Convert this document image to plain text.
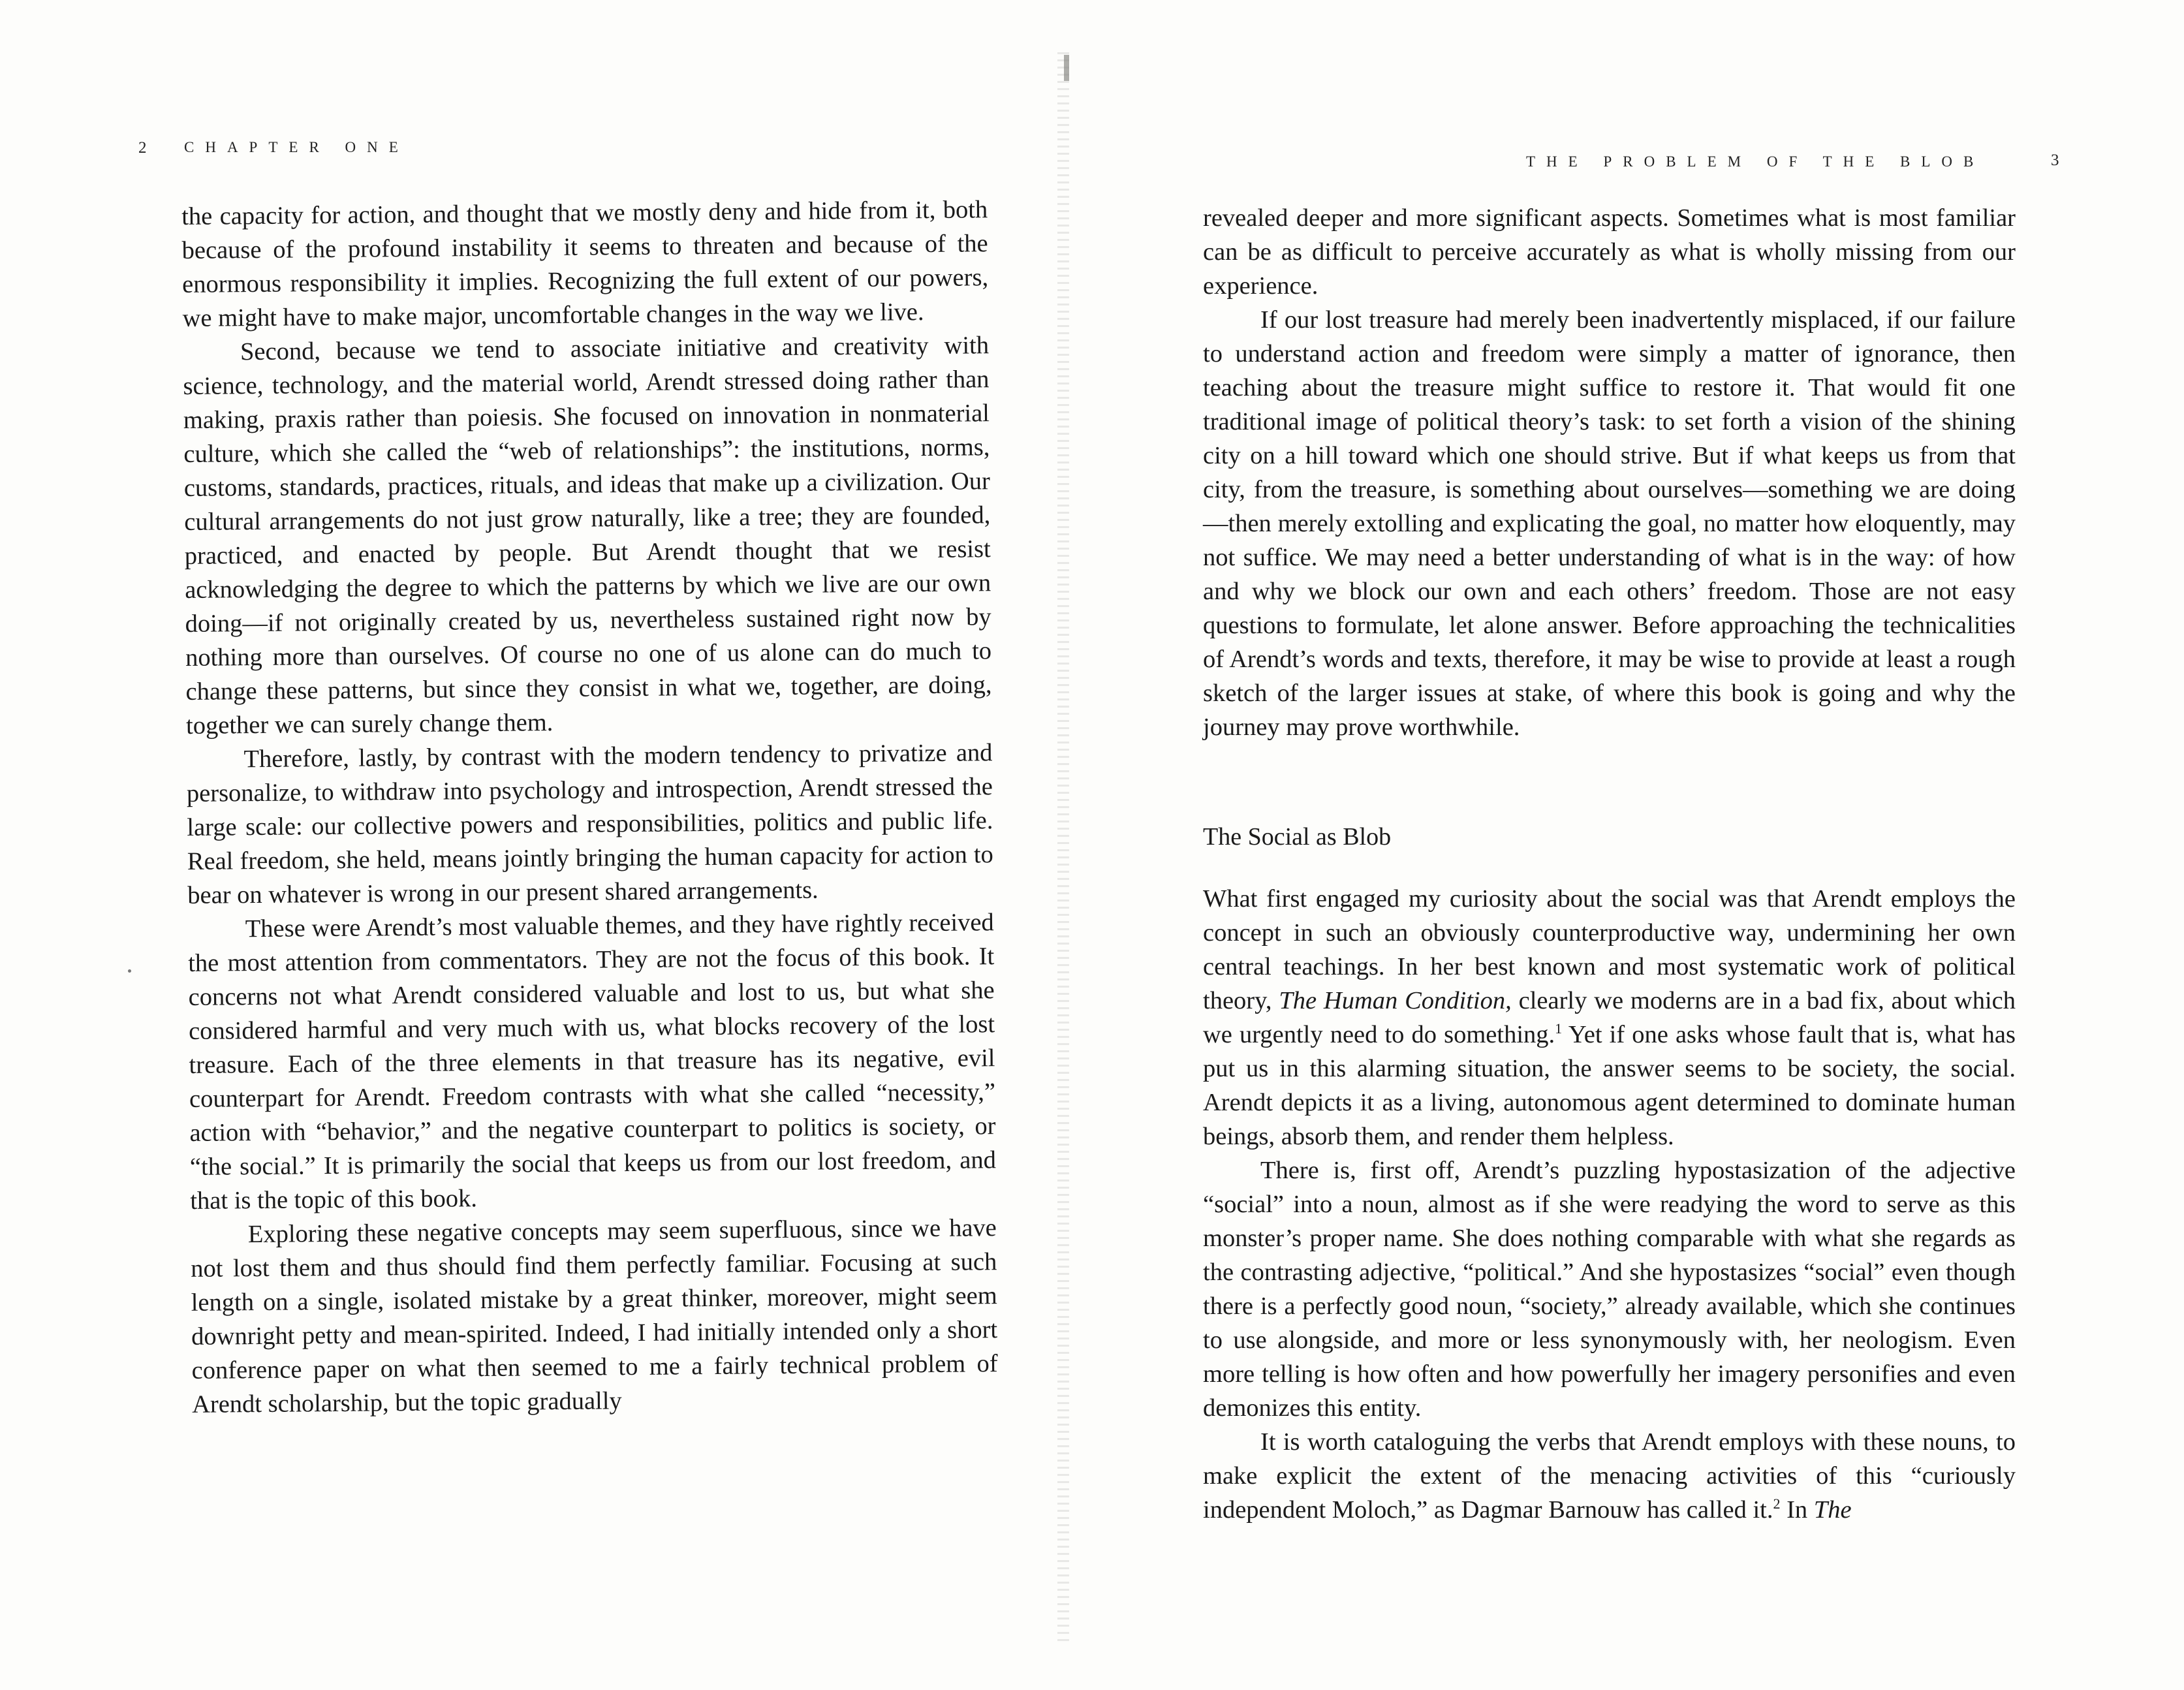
2	CHAPTER ONE

the capacity for action, and thought that we mostly deny and hide from it, both because of the profound instability it seems to threaten and because of the enormous responsibility it implies. Recognizing the full extent of our powers, we might have to make major, uncomfortable changes in the way we live.

Second, because we tend to associate initiative and creativity with science, technology, and the material world, Arendt stressed doing rather than making, praxis rather than poiesis. She focused on innovation in nonmaterial culture, which she called the “web of relationships”: the institutions, norms, customs, standards, practices, rituals, and ideas that make up a civilization. Our cultural arrangements do not just grow naturally, like a tree; they are founded, practiced, and enacted by people. But Arendt thought that we resist acknowledging the degree to which the patterns by which we live are our own doing—if not originally created by us, nevertheless sustained right now by nothing more than ourselves. Of course no one of us alone can do much to change these patterns, but since they consist in what we, together, are doing, together we can surely change them.

Therefore, lastly, by contrast with the modern tendency to privatize and personalize, to withdraw into psychology and introspection, Arendt stressed the large scale: our collective powers and responsibilities, politics and public life. Real freedom, she held, means jointly bringing the human capacity for action to bear on whatever is wrong in our present shared arrangements.

These were Arendt’s most valuable themes, and they have rightly received the most attention from commentators. They are not the focus of this book. It concerns not what Arendt considered valuable and lost to us, but what she considered harmful and very much with us, what blocks recovery of the lost treasure. Each of the three elements in that treasure has its negative, evil counterpart for Arendt. Freedom contrasts with what she called “necessity,” action with “behavior,” and the negative counterpart to politics is society, or “the social.” It is primarily the social that keeps us from our lost freedom, and that is the topic of this book.

Exploring these negative concepts may seem superfluous, since we have not lost them and thus should find them perfectly familiar. Focusing at such length on a single, isolated mistake by a great thinker, moreover, might seem downright petty and mean-spirited. Indeed, I had initially intended only a short conference paper on what then seemed to me a fairly technical problem of Arendt scholarship, but the topic gradually

THE PROBLEM OF THE BLOB	3

revealed deeper and more significant aspects. Sometimes what is most familiar can be as difficult to perceive accurately as what is wholly missing from our experience.

If our lost treasure had merely been inadvertently misplaced, if our failure to understand action and freedom were simply a matter of ignorance, then teaching about the treasure might suffice to restore it. That would fit one traditional image of political theory’s task: to set forth a vision of the shining city on a hill toward which one should strive. But if what keeps us from that city, from the treasure, is something about ourselves—something we are doing—then merely extolling and explicating the goal, no matter how eloquently, may not suffice. We may need a better understanding of what is in the way: of how and why we block our own and each others’ freedom. Those are not easy questions to formulate, let alone answer. Before approaching the technicalities of Arendt’s words and texts, therefore, it may be wise to provide at least a rough sketch of the larger issues at stake, of where this book is going and why the journey may prove worthwhile.

The Social as Blob

What first engaged my curiosity about the social was that Arendt employs the concept in such an obviously counterproductive way, undermining her own central teachings. In her best known and most systematic work of political theory, The Human Condition, clearly we moderns are in a bad fix, about which we urgently need to do something.$^1$ Yet if one asks whose fault that is, what has put us in this alarming situation, the answer seems to be society, the social. Arendt depicts it as a living, autonomous agent determined to dominate human beings, absorb them, and render them helpless.

There is, first off, Arendt’s puzzling hypostasization of the adjective “social” into a noun, almost as if she were readying the word to serve as this monster’s proper name. She does nothing comparable with what she regards as the contrasting adjective, “political.” And she hypostasizes “social” even though there is a perfectly good noun, “society,” already available, which she continues to use alongside, and more or less synonymously with, her neologism. Even more telling is how often and how powerfully her imagery personifies and even demonizes this entity.

It is worth cataloguing the verbs that Arendt employs with these nouns, to make explicit the extent of the menacing activities of this “curiously independent Moloch,” as Dagmar Barnouw has called it.$^2$ In The
